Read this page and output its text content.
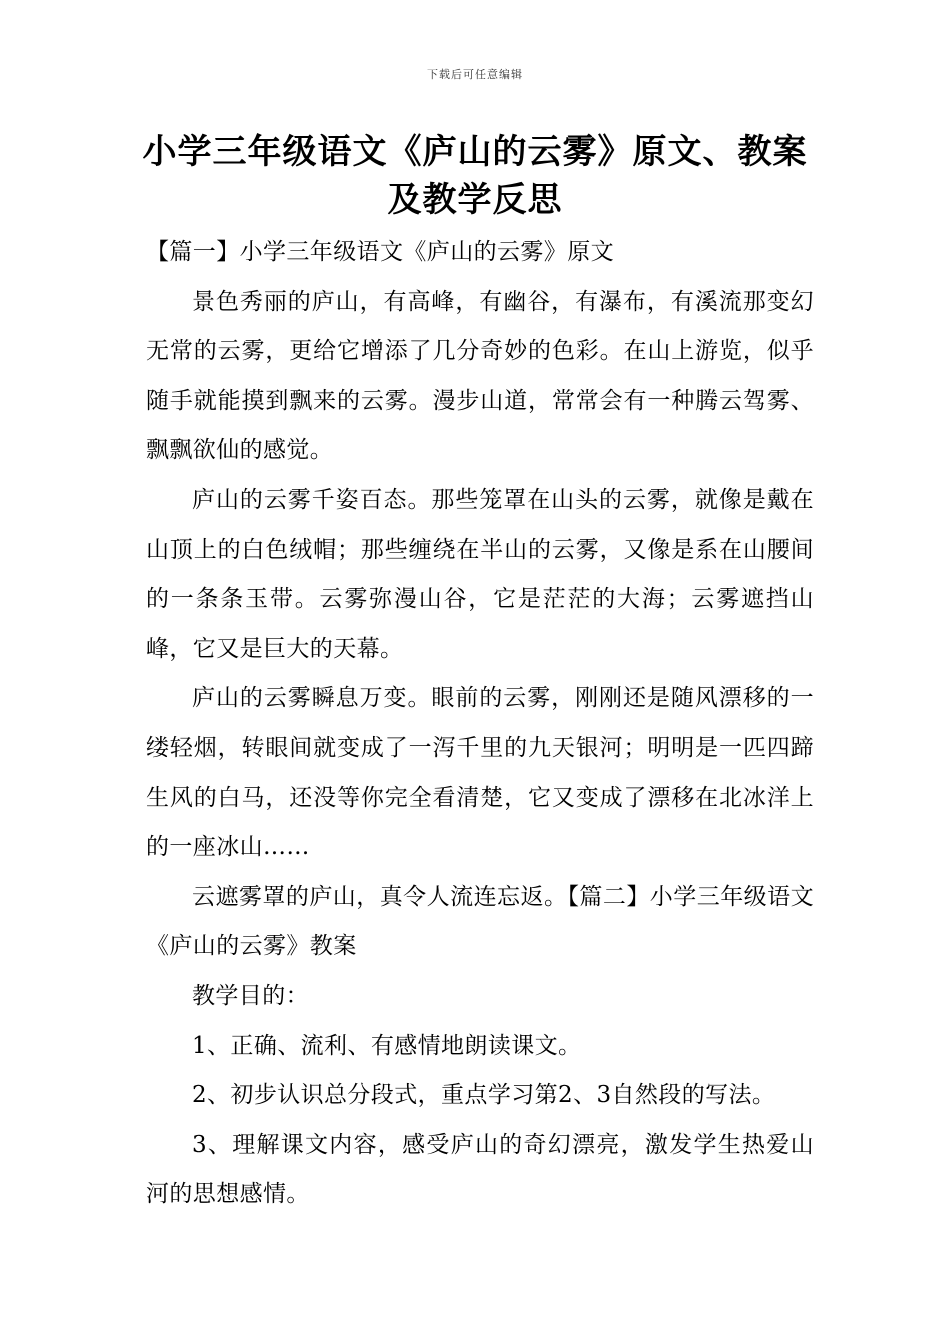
下载后可任意编辑
小学三年级语文《庐山的云雾》原文、教案及教学反思

【篇一】小学三年级语文《庐山的云雾》原文

景色秀丽的庐山，有高峰，有幽谷，有瀑布，有溪流那变幻无常的云雾，更给它增添了几分奇妙的色彩。在山上游览，似乎随手就能摸到飘来的云雾。漫步山道，常常会有一种腾云驾雾、飘飘欲仙的感觉。

庐山的云雾千姿百态。那些笼罩在山头的云雾，就像是戴在山顶上的白色绒帽；那些缠绕在半山的云雾，又像是系在山腰间的一条条玉带。云雾弥漫山谷，它是茫茫的大海；云雾遮挡山峰，它又是巨大的天幕。

庐山的云雾瞬息万变。眼前的云雾，刚刚还是随风漂移的一缕轻烟，转眼间就变成了一泻千里的九天银河；明明是一匹四蹄生风的白马，还没等你完全看清楚，它又变成了漂移在北冰洋上的一座冰山……

云遮雾罩的庐山，真令人流连忘返。【篇二】小学三年级语文《庐山的云雾》教案

教学目的：

1、正确、流利、有感情地朗读课文。

2、初步认识总分段式，重点学习第2、3自然段的写法。

3、理解课文内容，感受庐山的奇幻漂亮，激发学生热爱山河的思想感情。
